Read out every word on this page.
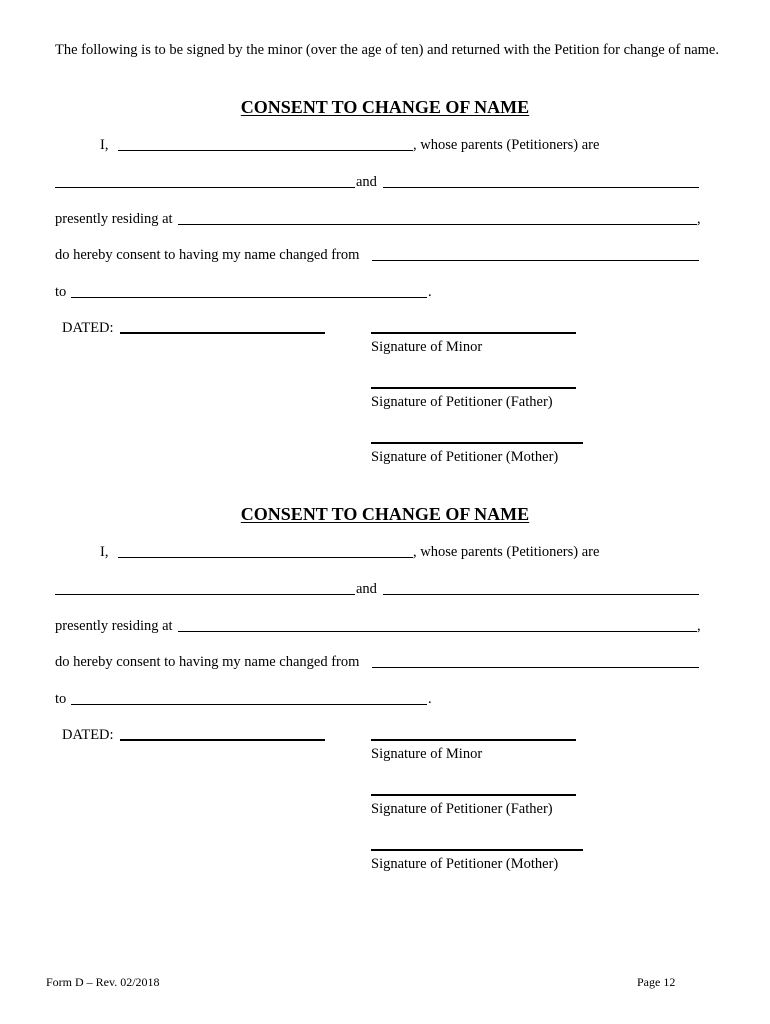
The following is to be signed by the minor (over the age of ten) and returned with the Petition for change of name.
CONSENT TO CHANGE OF NAME
I,	, whose parents (Petitioners) are
and
presently residing at	,
do hereby consent to having my name changed from
to	.
DATED:
Signature of Minor
Signature of Petitioner (Father)
Signature of Petitioner (Mother)
CONSENT TO CHANGE OF NAME
I,	, whose parents (Petitioners) are
and
presently residing at	,
do hereby consent to having my name changed from
to	.
DATED:
Signature of Minor
Signature of Petitioner (Father)
Signature of Petitioner (Mother)
Form D – Rev. 02/2018	Page 12
